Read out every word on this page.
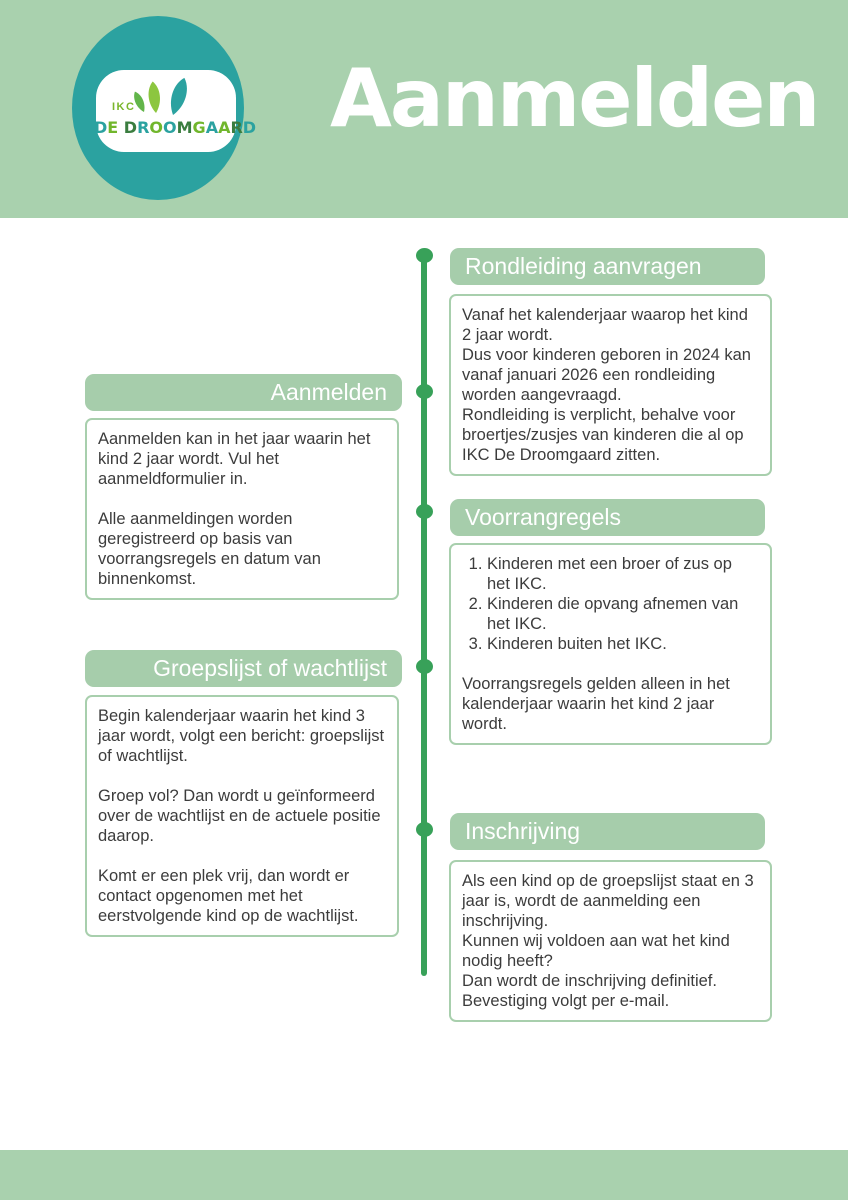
IKC
DE DROOMGAARD Aanmelden
Rondleiding aanvragen

Vanaf het kalenderjaar waarop het kind 2 jaar wordt.

Dus voor kinderen geboren in 2024 kan vanaf januari 2026 een rondleiding worden aangevraagd.

Rondleiding is verplicht, behalve voor broertjes/zusjes van kinderen die al op IKC De Droomgaard zitten.

Aanmelden

Aanmelden kan in het jaar waarin het kind 2 jaar wordt. Vul het aanmeldformulier in.

Alle aanmeldingen worden geregistreerd op basis van voorrangsregels en datum van binnenkomst.

Voorrangregels
1. Kinderen met een broer of zus op het IKC.
2. Kinderen die opvang afnemen van het IKC.
3. Kinderen buiten het IKC.

Voorrangsregels gelden alleen in het kalenderjaar waarin het kind 2 jaar wordt.

Groepslijst of wachtlijst

Begin kalenderjaar waarin het kind 3 jaar wordt, volgt een bericht: groepslijst of wachtlijst.

Groep vol? Dan wordt u geïnformeerd over de wachtlijst en de actuele positie daarop.

Komt er een plek vrij, dan wordt er contact opgenomen met het eerstvolgende kind op de wachtlijst.

Inschrijving

Als een kind op de groepslijst staat en 3 jaar is, wordt de aanmelding een inschrijving.

Kunnen wij voldoen aan wat het kind nodig heeft?

Dan wordt de inschrijving definitief.

Bevestiging volgt per e-mail.
